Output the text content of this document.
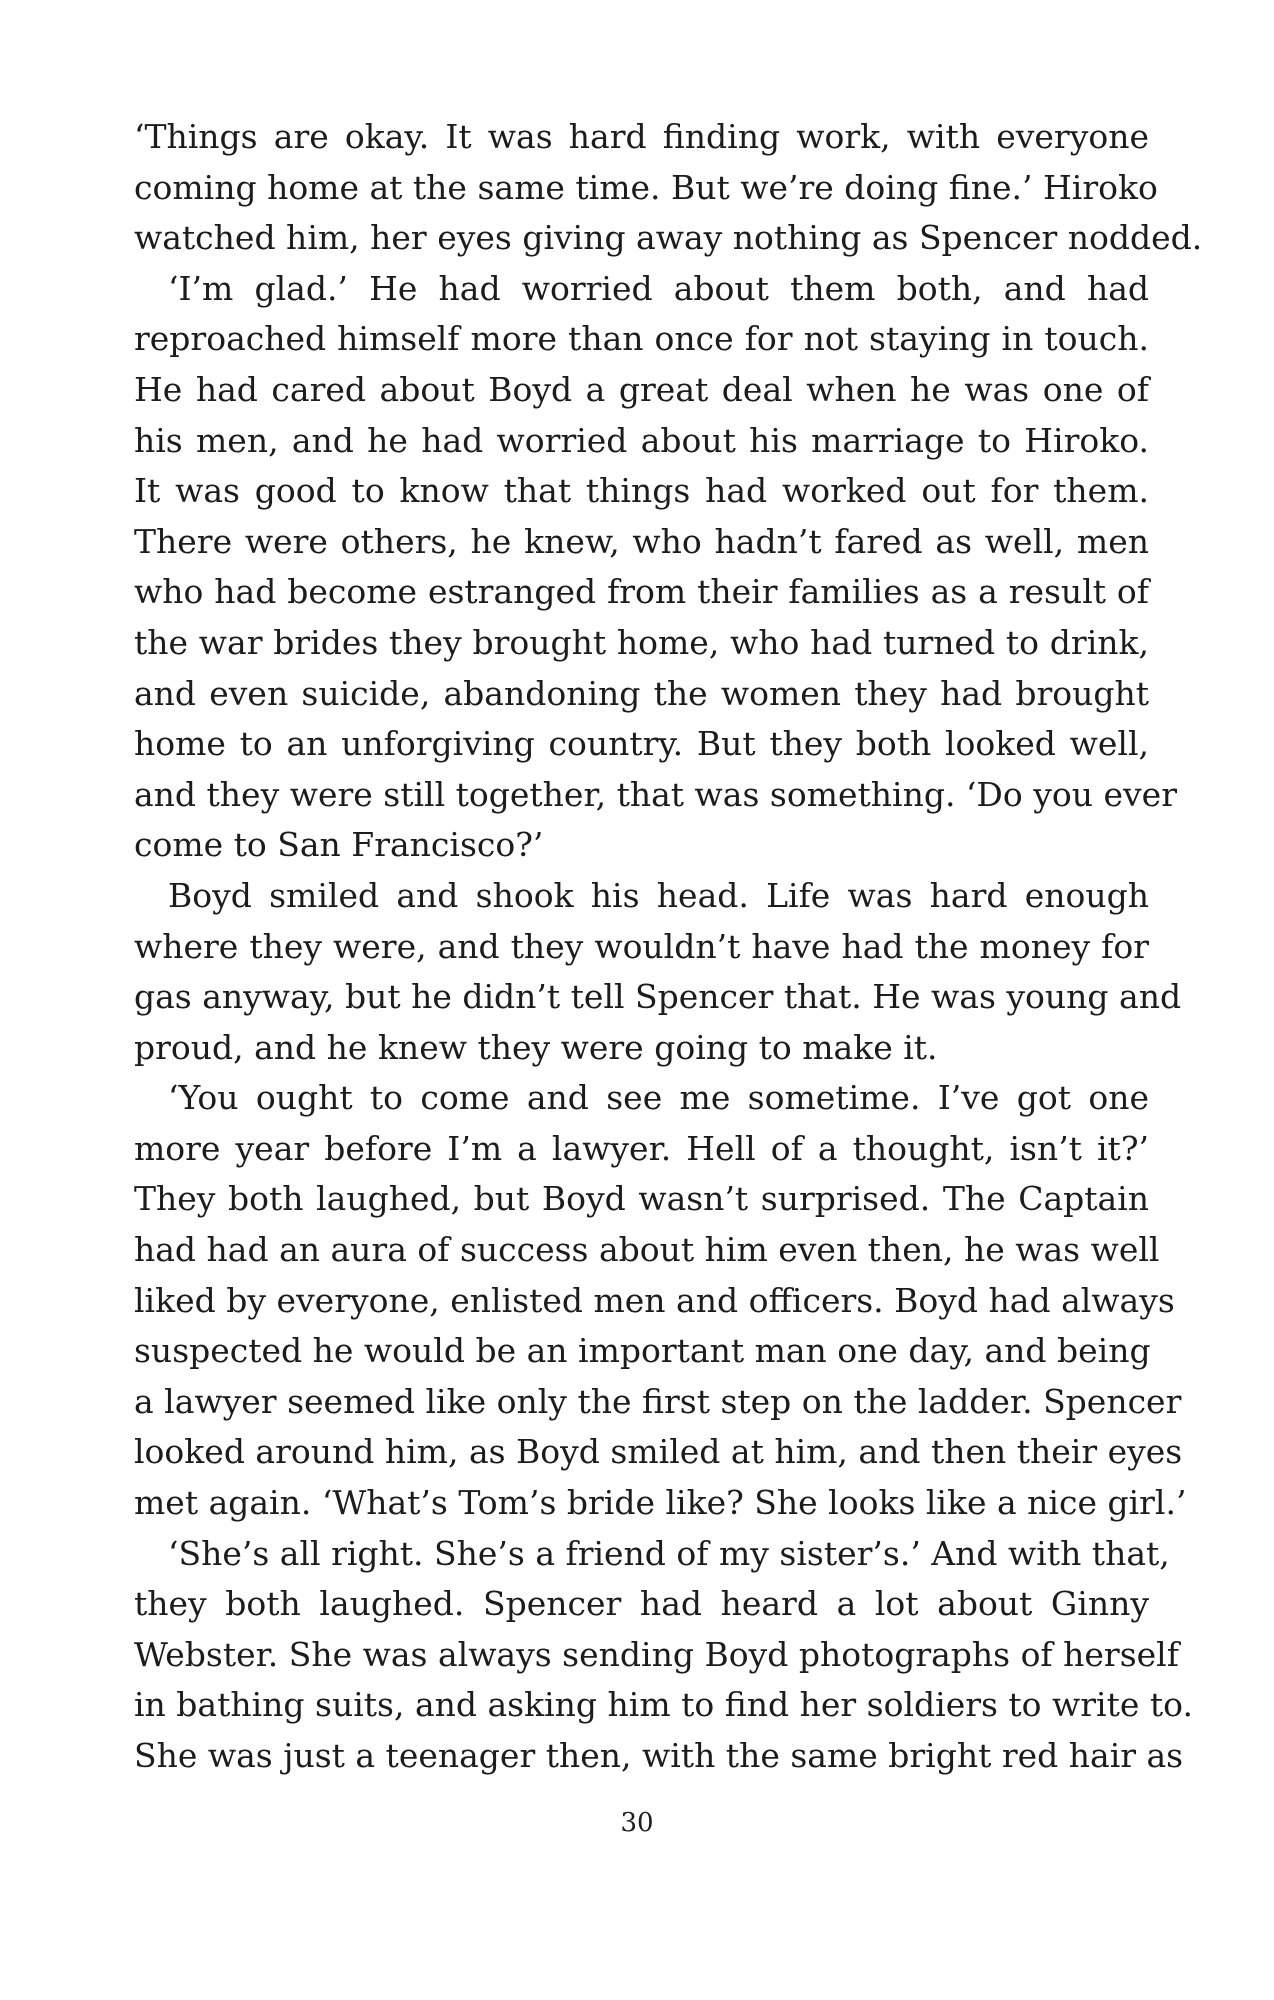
‘Things are okay. It was hard finding work, with everyone
coming home at the same time. But we’re doing fine.’ Hiroko
watched him, her eyes giving away nothing as Spencer nodded.
‘I’m glad.’ He had worried about them both, and had
reproached himself more than once for not staying in touch.
He had cared about Boyd a great deal when he was one of
his men, and he had worried about his marriage to Hiroko.
It was good to know that things had worked out for them.
There were others, he knew, who hadn’t fared as well, men
who had become estranged from their families as a result of
the war brides they brought home, who had turned to drink,
and even suicide, abandoning the women they had brought
home to an unforgiving country. But they both looked well,
and they were still together, that was something. ‘Do you ever
come to San Francisco?’
Boyd smiled and shook his head. Life was hard enough
where they were, and they wouldn’t have had the money for
gas anyway, but he didn’t tell Spencer that. He was young and
proud, and he knew they were going to make it.
‘You ought to come and see me sometime. I’ve got one
more year before I’m a lawyer. Hell of a thought, isn’t it?’
They both laughed, but Boyd wasn’t surprised. The Captain
had had an aura of success about him even then, he was well
liked by everyone, enlisted men and officers. Boyd had always
suspected he would be an important man one day, and being
a lawyer seemed like only the first step on the ladder. Spencer
looked around him, as Boyd smiled at him, and then their eyes
met again. ‘What’s Tom’s bride like? She looks like a nice girl.’
‘She’s all right. She’s a friend of my sister’s.’ And with that,
they both laughed. Spencer had heard a lot about Ginny
Webster. She was always sending Boyd photographs of herself
in bathing suits, and asking him to find her soldiers to write to.
She was just a teenager then, with the same bright red hair as
30
